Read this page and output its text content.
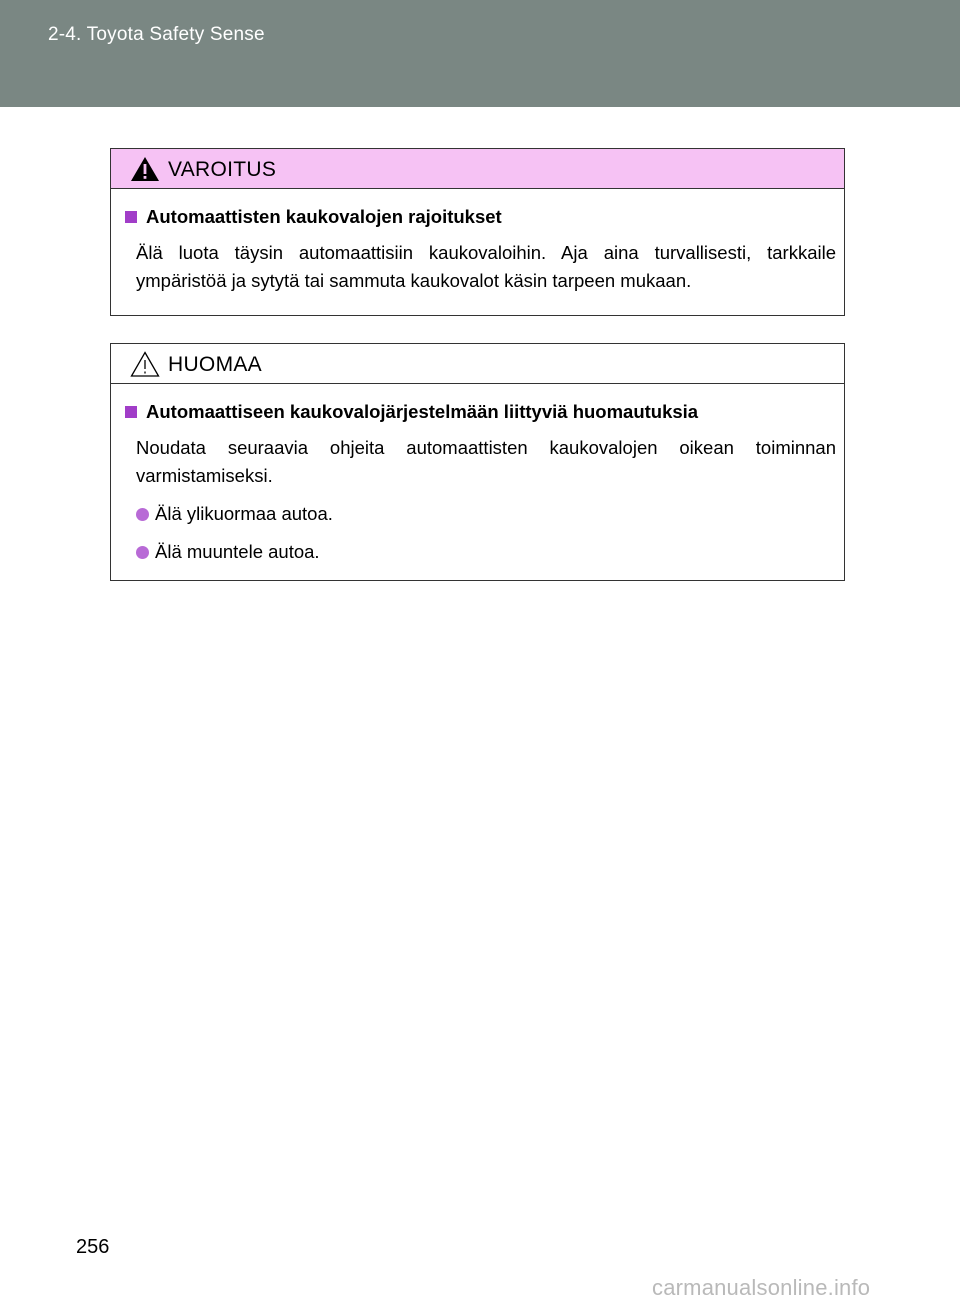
2-4. Toyota Safety Sense
VAROITUS
Automaattisten kaukovalojen rajoitukset
Älä luota täysin automaattisiin kaukovaloihin. Aja aina turvallisesti, tarkkaile ympäristöä ja sytytä tai sammuta kaukovalot käsin tarpeen mukaan.
HUOMAA
Automaattiseen kaukovalojärjestelmään liittyviä huomautuksia
Noudata seuraavia ohjeita automaattisten kaukovalojen oikean toiminnan varmistamiseksi.
Älä ylikuormaa autoa.
Älä muuntele autoa.
256
carmanualsonline.info
